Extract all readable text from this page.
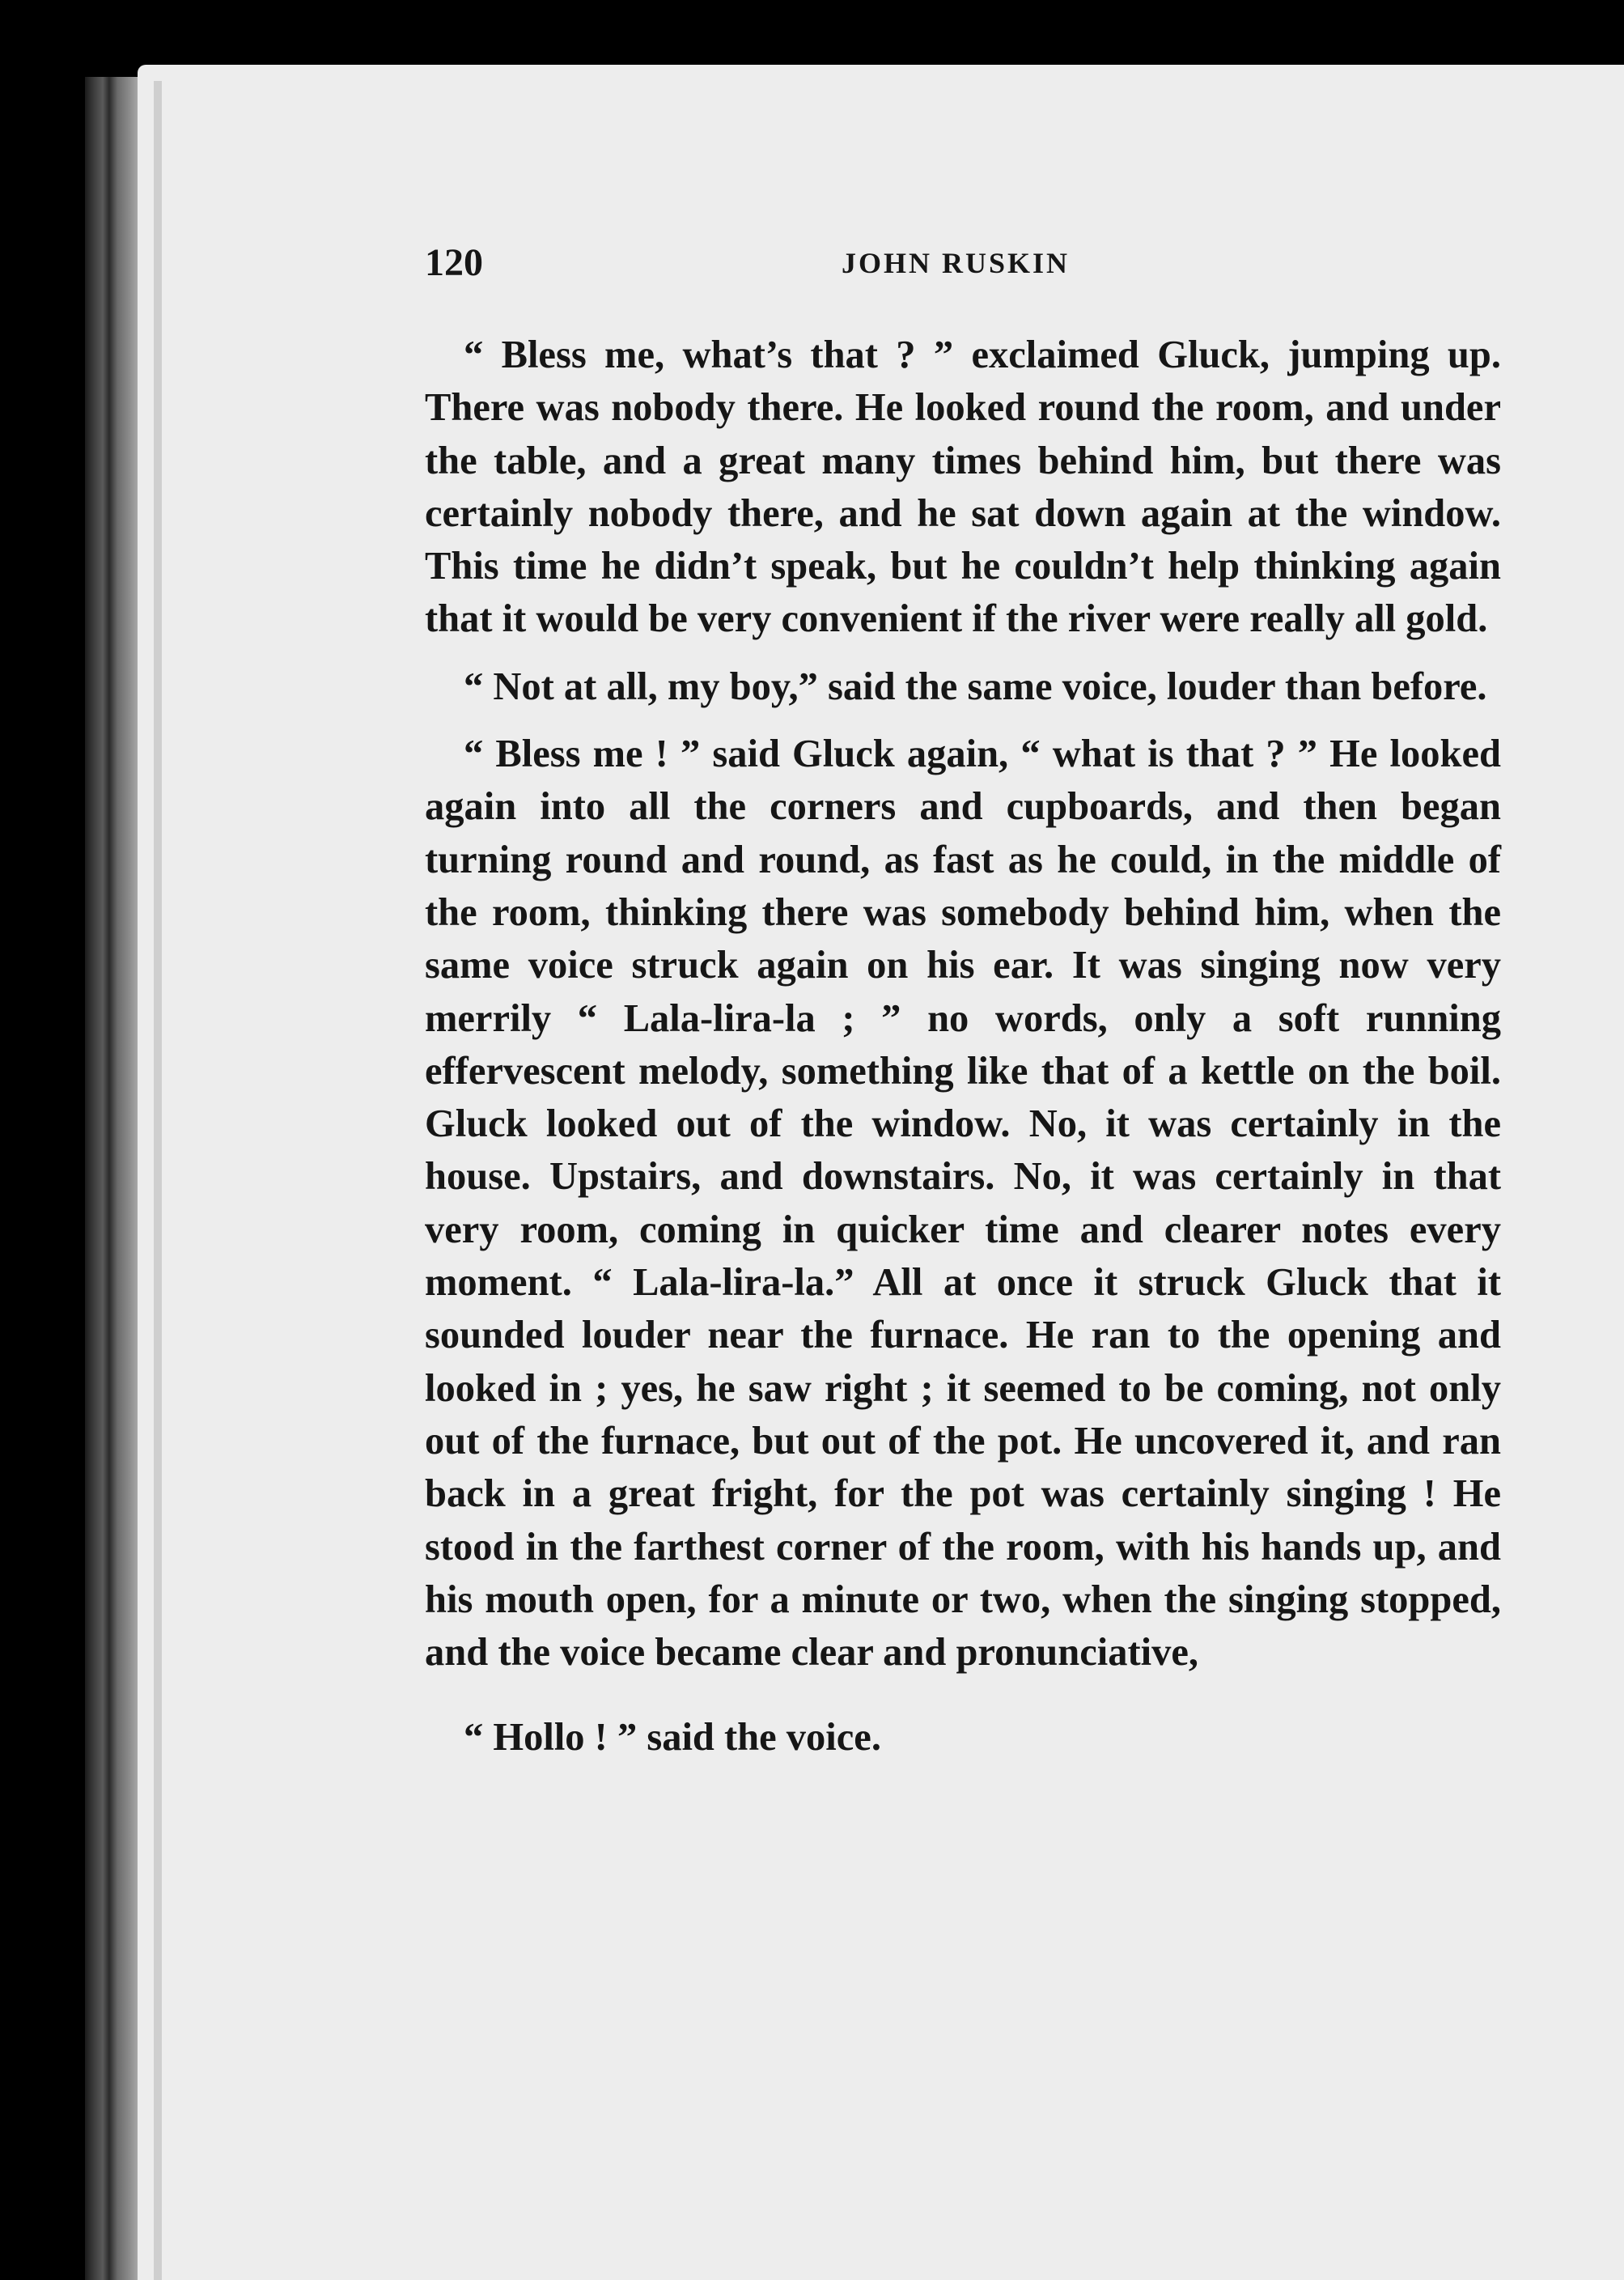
120	JOHN RUSKIN

“ Bless me, what’s that ? ” exclaimed Gluck, jumping up. There was nobody there. He looked round the room, and under the table, and a great many times behind him, but there was certainly nobody there, and he sat down again at the window. This time he didn’t speak, but he couldn’t help thinking again that it would be very convenient if the river were really all gold.

“ Not at all, my boy,” said the same voice, louder than before.

“ Bless me ! ” said Gluck again, “ what is that ? ” He looked again into all the corners and cupboards, and then began turning round and round, as fast as he could, in the middle of the room, thinking there was somebody behind him, when the same voice struck again on his ear. It was singing now very merrily “ Lala-lira-la ; ” no words, only a soft running effervescent melody, something like that of a kettle on the boil. Gluck looked out of the window. No, it was certainly in the house. Upstairs, and downstairs. No, it was certainly in that very room, coming in quicker time and clearer notes every moment. “ Lala-lira-la.” All at once it struck Gluck that it sounded louder near the furnace. He ran to the opening and looked in ; yes, he saw right ; it seemed to be coming, not only out of the furnace, but out of the pot. He uncovered it, and ran back in a great fright, for the pot was certainly singing ! He stood in the farthest corner of the room, with his hands up, and his mouth open, for a minute or two, when the singing stopped, and the voice became clear and pronunciative,

“ Hollo ! ” said the voice.
